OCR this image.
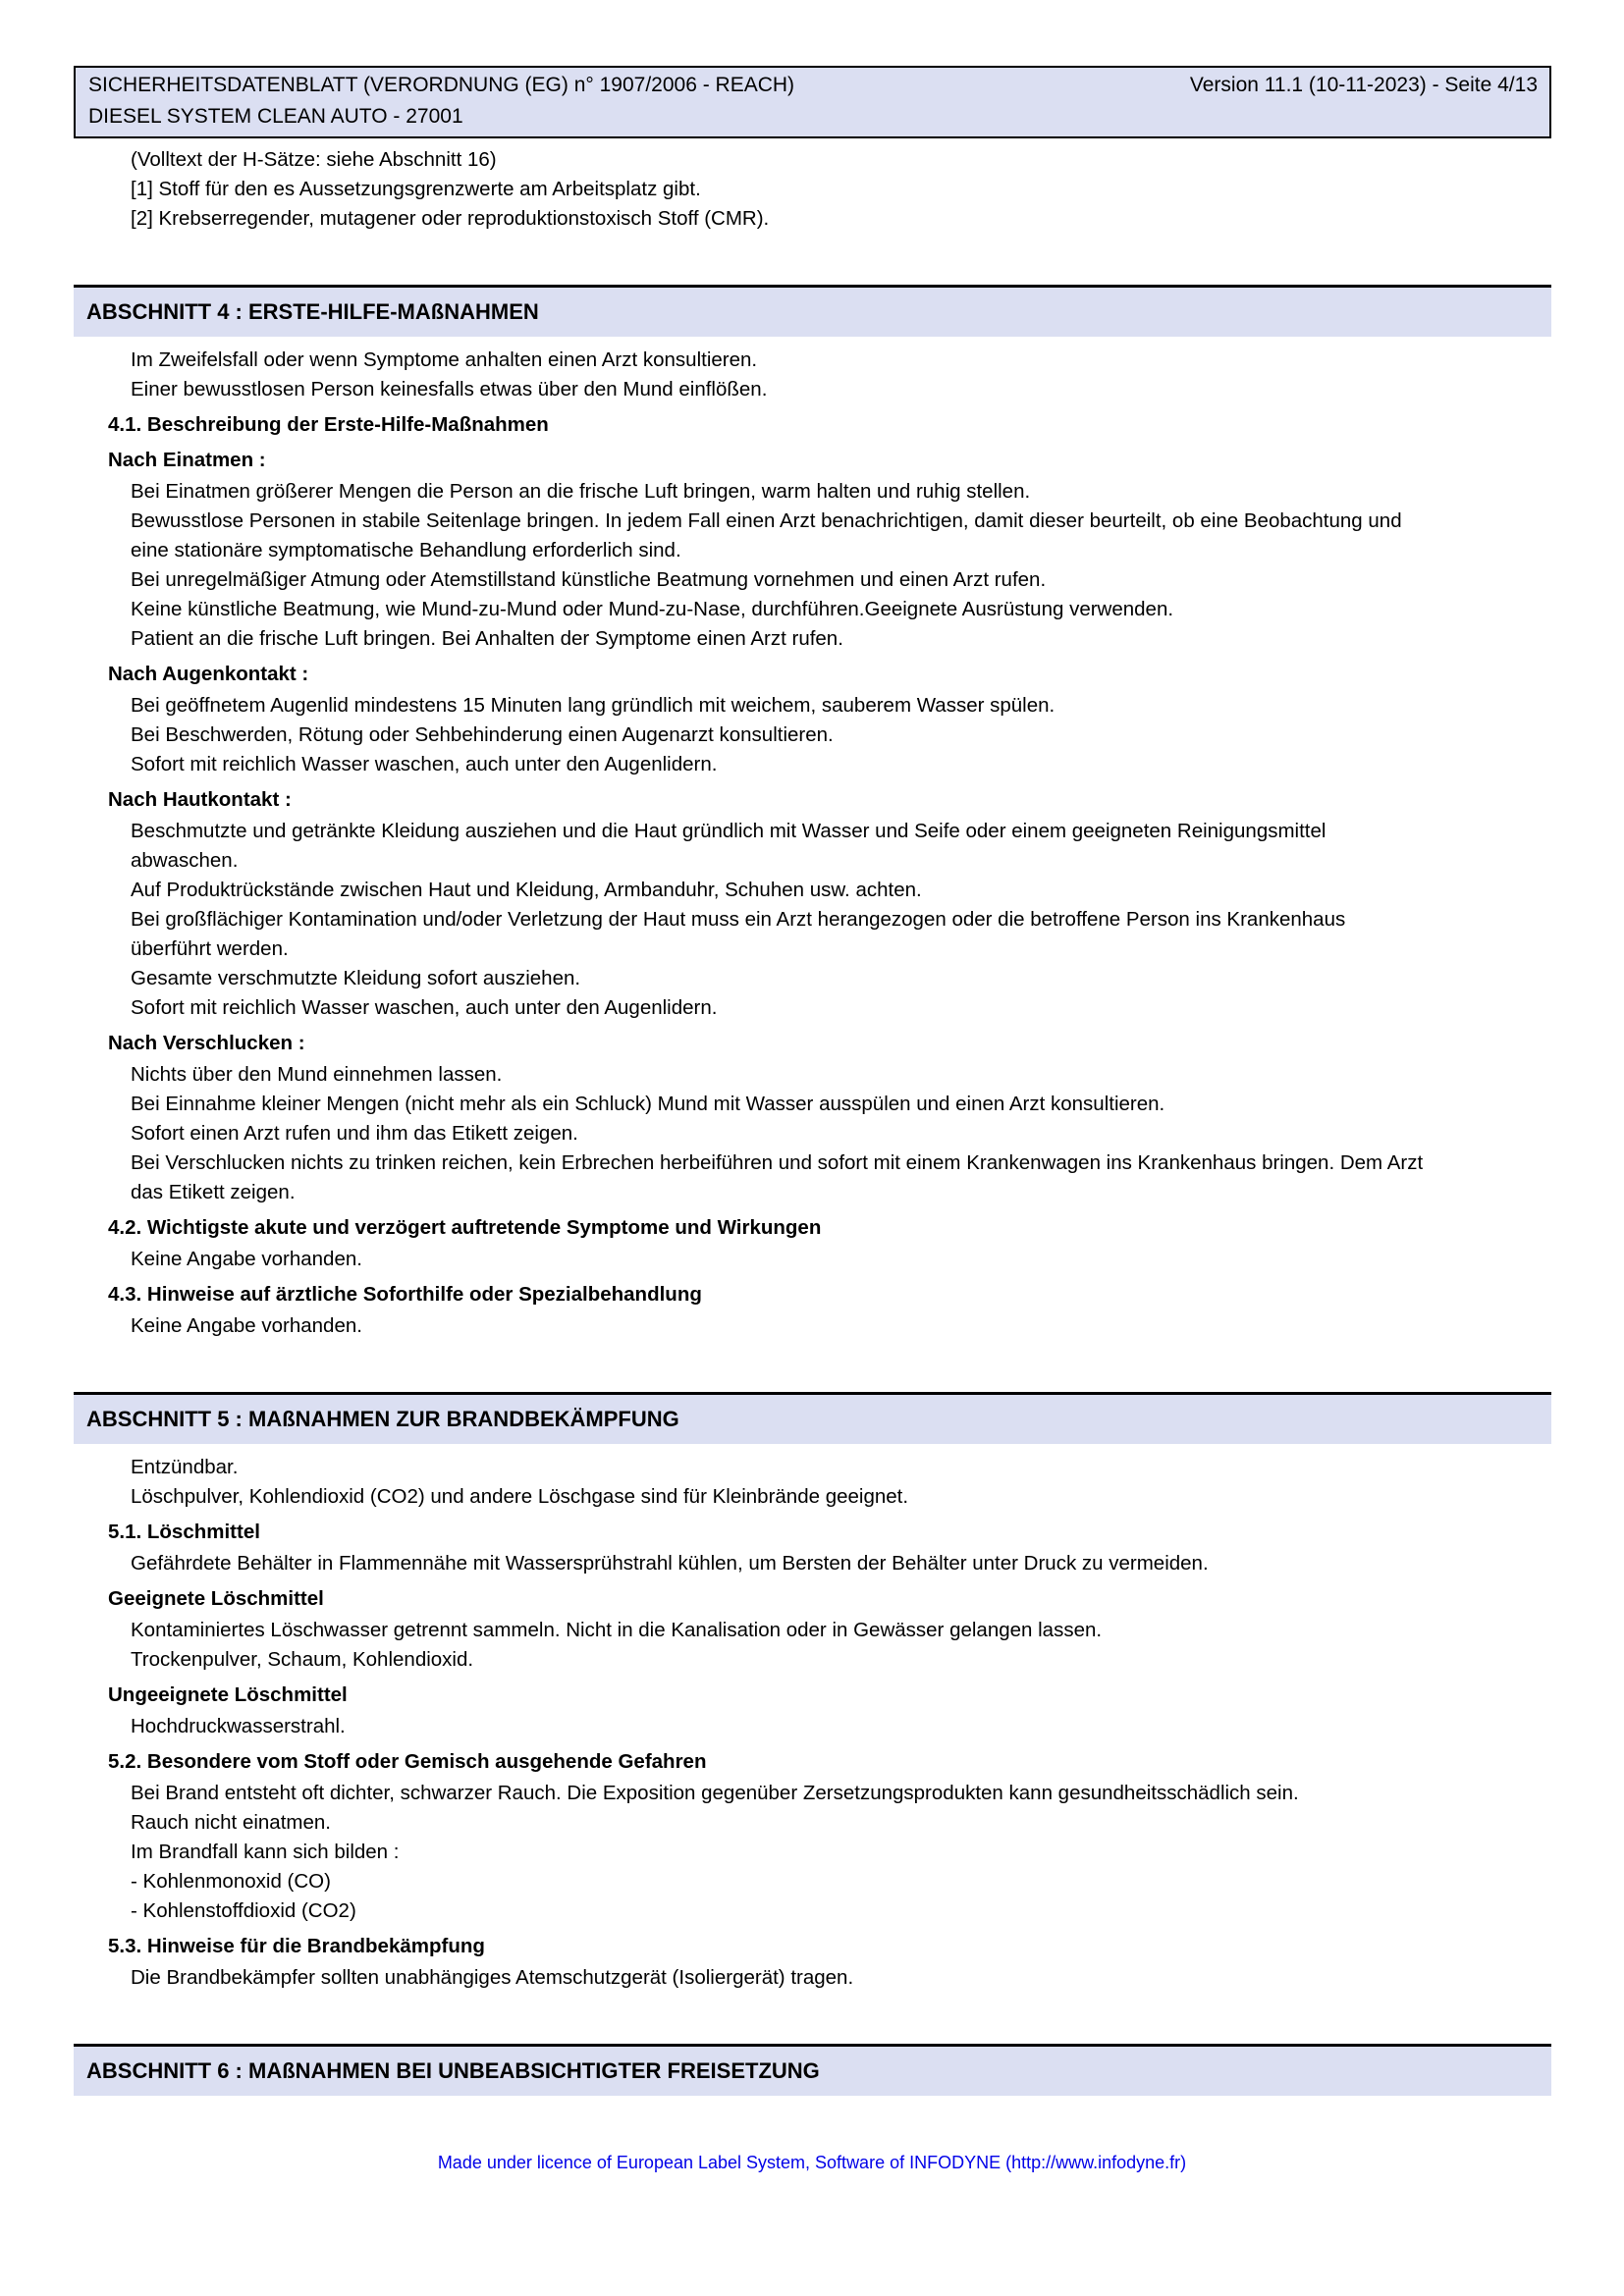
SICHERHEITSDATENBLATT (VERORDNUNG (EG) n° 1907/2006 - REACH)	Version 11.1 (10-11-2023) - Seite 4/13
DIESEL SYSTEM CLEAN AUTO - 27001
(Volltext der H-Sätze: siehe Abschnitt 16)
[1] Stoff für den es Aussetzungsgrenzwerte am Arbeitsplatz gibt.
[2] Krebserregender, mutagener oder reproduktionstoxisch Stoff (CMR).
ABSCHNITT 4 : ERSTE-HILFE-MAßNAHMEN
Im Zweifelsfall oder wenn Symptome anhalten einen Arzt konsultieren.
Einer bewusstlosen Person keinesfalls etwas über den Mund einflößen.
4.1. Beschreibung der Erste-Hilfe-Maßnahmen
Nach Einatmen :
Bei Einatmen größerer Mengen die Person an die frische Luft bringen, warm halten und ruhig stellen.
Bewusstlose Personen in stabile Seitenlage bringen. In jedem Fall einen Arzt benachrichtigen, damit dieser beurteilt, ob eine Beobachtung und
eine stationäre symptomatische Behandlung erforderlich sind.
Bei unregelmäßiger Atmung oder Atemstillstand künstliche Beatmung vornehmen und einen Arzt rufen.
Keine künstliche Beatmung, wie Mund-zu-Mund oder Mund-zu-Nase, durchführen.Geeignete Ausrüstung verwenden.
Patient an die frische Luft bringen. Bei Anhalten der Symptome einen Arzt rufen.
Nach Augenkontakt :
Bei geöffnetem Augenlid mindestens 15 Minuten lang gründlich mit weichem, sauberem Wasser spülen.
Bei Beschwerden, Rötung oder Sehbehinderung einen Augenarzt konsultieren.
Sofort mit reichlich Wasser waschen, auch unter den Augenlidern.
Nach Hautkontakt :
Beschmutzte und getränkte Kleidung ausziehen und die Haut gründlich mit Wasser und Seife oder einem geeigneten Reinigungsmittel
abwaschen.
Auf Produktrückstände zwischen Haut und Kleidung, Armbanduhr, Schuhen usw. achten.
Bei großflächiger Kontamination und/oder Verletzung der Haut muss ein Arzt herangezogen oder die betroffene Person ins Krankenhaus
überführt werden.
Gesamte verschmutzte Kleidung sofort ausziehen.
Sofort mit reichlich Wasser waschen, auch unter den Augenlidern.
Nach Verschlucken :
Nichts über den Mund einnehmen lassen.
Bei Einnahme kleiner Mengen (nicht mehr als ein Schluck) Mund mit Wasser ausspülen und einen Arzt konsultieren.
Sofort einen Arzt rufen und ihm das Etikett zeigen.
Bei Verschlucken nichts zu trinken reichen, kein Erbrechen herbeiführen und sofort mit einem Krankenwagen ins Krankenhaus bringen. Dem Arzt
das Etikett zeigen.
4.2. Wichtigste akute und verzögert auftretende Symptome und Wirkungen
Keine Angabe vorhanden.
4.3. Hinweise auf ärztliche Soforthilfe oder Spezialbehandlung
Keine Angabe vorhanden.
ABSCHNITT 5 : MAßNAHMEN ZUR BRANDBEKÄMPFUNG
Entzündbar.
Löschpulver, Kohlendioxid (CO2) und andere Löschgase sind für Kleinbrände geeignet.
5.1. Löschmittel
Gefährdete Behälter in Flammennähe mit Wassersprühstrahl kühlen, um Bersten der Behälter unter Druck zu vermeiden.
Geeignete Löschmittel
Kontaminiertes Löschwasser getrennt sammeln. Nicht in die Kanalisation oder in Gewässer gelangen lassen.
Trockenpulver, Schaum, Kohlendioxid.
Ungeeignete Löschmittel
Hochdruckwasserstrahl.
5.2. Besondere vom Stoff oder Gemisch ausgehende Gefahren
Bei Brand entsteht oft dichter, schwarzer Rauch. Die Exposition gegenüber Zersetzungsprodukten kann gesundheitsschädlich sein.
Rauch nicht einatmen.
Im Brandfall kann sich bilden :
- Kohlenmonoxid (CO)
- Kohlenstoffdioxid (CO2)
5.3. Hinweise für die Brandbekämpfung
Die Brandbekämpfer sollten unabhängiges Atemschutzgerät (Isoliergerät) tragen.
ABSCHNITT 6 : MAßNAHMEN BEI UNBEABSICHTIGTER FREISETZUNG
Made under licence of European Label System, Software of INFODYNE (http://www.infodyne.fr)
